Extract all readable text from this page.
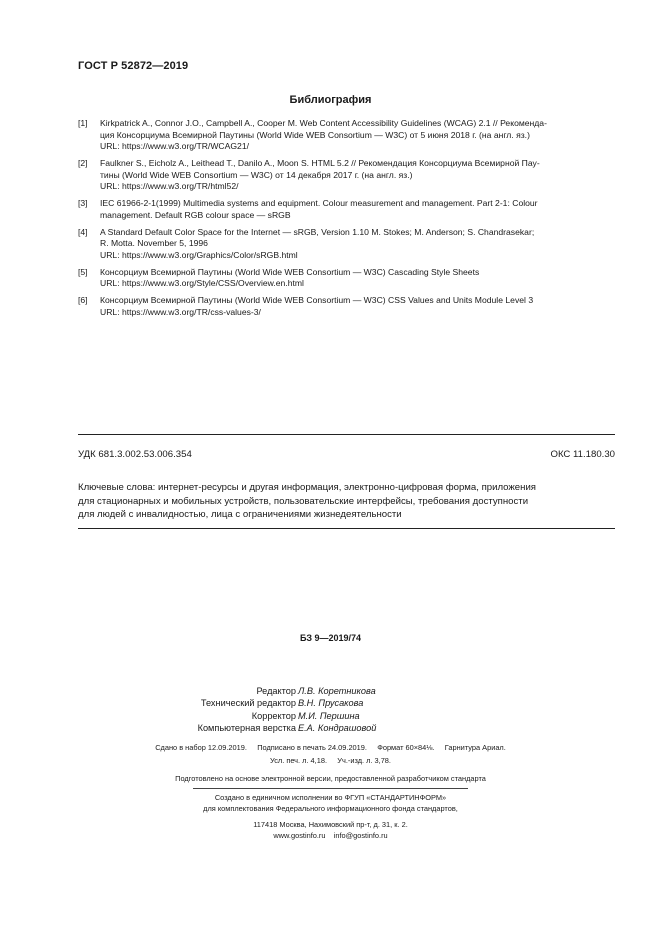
ГОСТ Р 52872—2019
Библиография
[1]	Kirkpatrick A., Connor J.O., Campbell A., Cooper M. Web Content Accessibility Guidelines (WCAG) 2.1 // Рекоменда-
ция Консорциума Всемирной Паутины (World Wide WEB Consortium — W3C) от 5 июня 2018 г. (на англ. яз.)
URL: https://www.w3.org/TR/WCAG21/
[2]	Faulkner S., Eicholz A., Leithead T., Danilo A., Moon S. HTML 5.2 // Рекомендация Консорциума Всемирной Пау-
тины (World Wide WEB Consortium — W3C) от 14 декабря 2017 г. (на англ. яз.)
URL: https://www.w3.org/TR/html52/
[3]	IEC 61966-2-1(1999) Multimedia systems and equipment. Colour measurement and management. Part 2-1: Colour
management. Default RGB colour space — sRGB
[4]	A Standard Default Color Space for the Internet — sRGB, Version 1.10 M. Stokes; M. Anderson; S. Chandrasekar;
R. Motta. November 5, 1996
URL: https://www.w3.org/Graphics/Color/sRGB.html
[5]	Консорциум Всемирной Паутины (World Wide WEB Consortium — W3C) Cascading Style Sheets
URL: https://www.w3.org/Style/CSS/Overview.en.html
[6]	Консорциум Всемирной Паутины (World Wide WEB Consortium — W3C) CSS Values and Units Module Level 3
URL: https://www.w3.org/TR/css-values-3/
УДК 681.3.002.53.006.354	ОКС 11.180.30
Ключевые слова: интернет-ресурсы и другая информация, электронно-цифровая форма, приложения
для стационарных и мобильных устройств, пользовательские интерфейсы, требования доступности
для людей с инвалидностью, лица с ограничениями жизнедеятельности
БЗ 9—2019/74
Редактор Л.В. Коретникова
Технический редактор В.Н. Прусакова
Корректор М.И. Першина
Компьютерная верстка Е.А. Кондрашовой
Сдано в набор 12.09.2019. Подписано в печать 24.09.2019. Формат 60×84⅛. Гарнитура Ариал.
Усл. печ. л. 4,18. Уч.-изд. л. 3,78.
Подготовлено на основе электронной версии, предоставленной разработчиком стандарта
Создано в единичном исполнении во ФГУП «СТАНДАРТИНФОРМ»
для комплектования Федерального информационного фонда стандартов,
117418 Москва, Нахимовский пр-т, д. 31, к. 2.
www.gostinfo.ru info@gostinfo.ru
